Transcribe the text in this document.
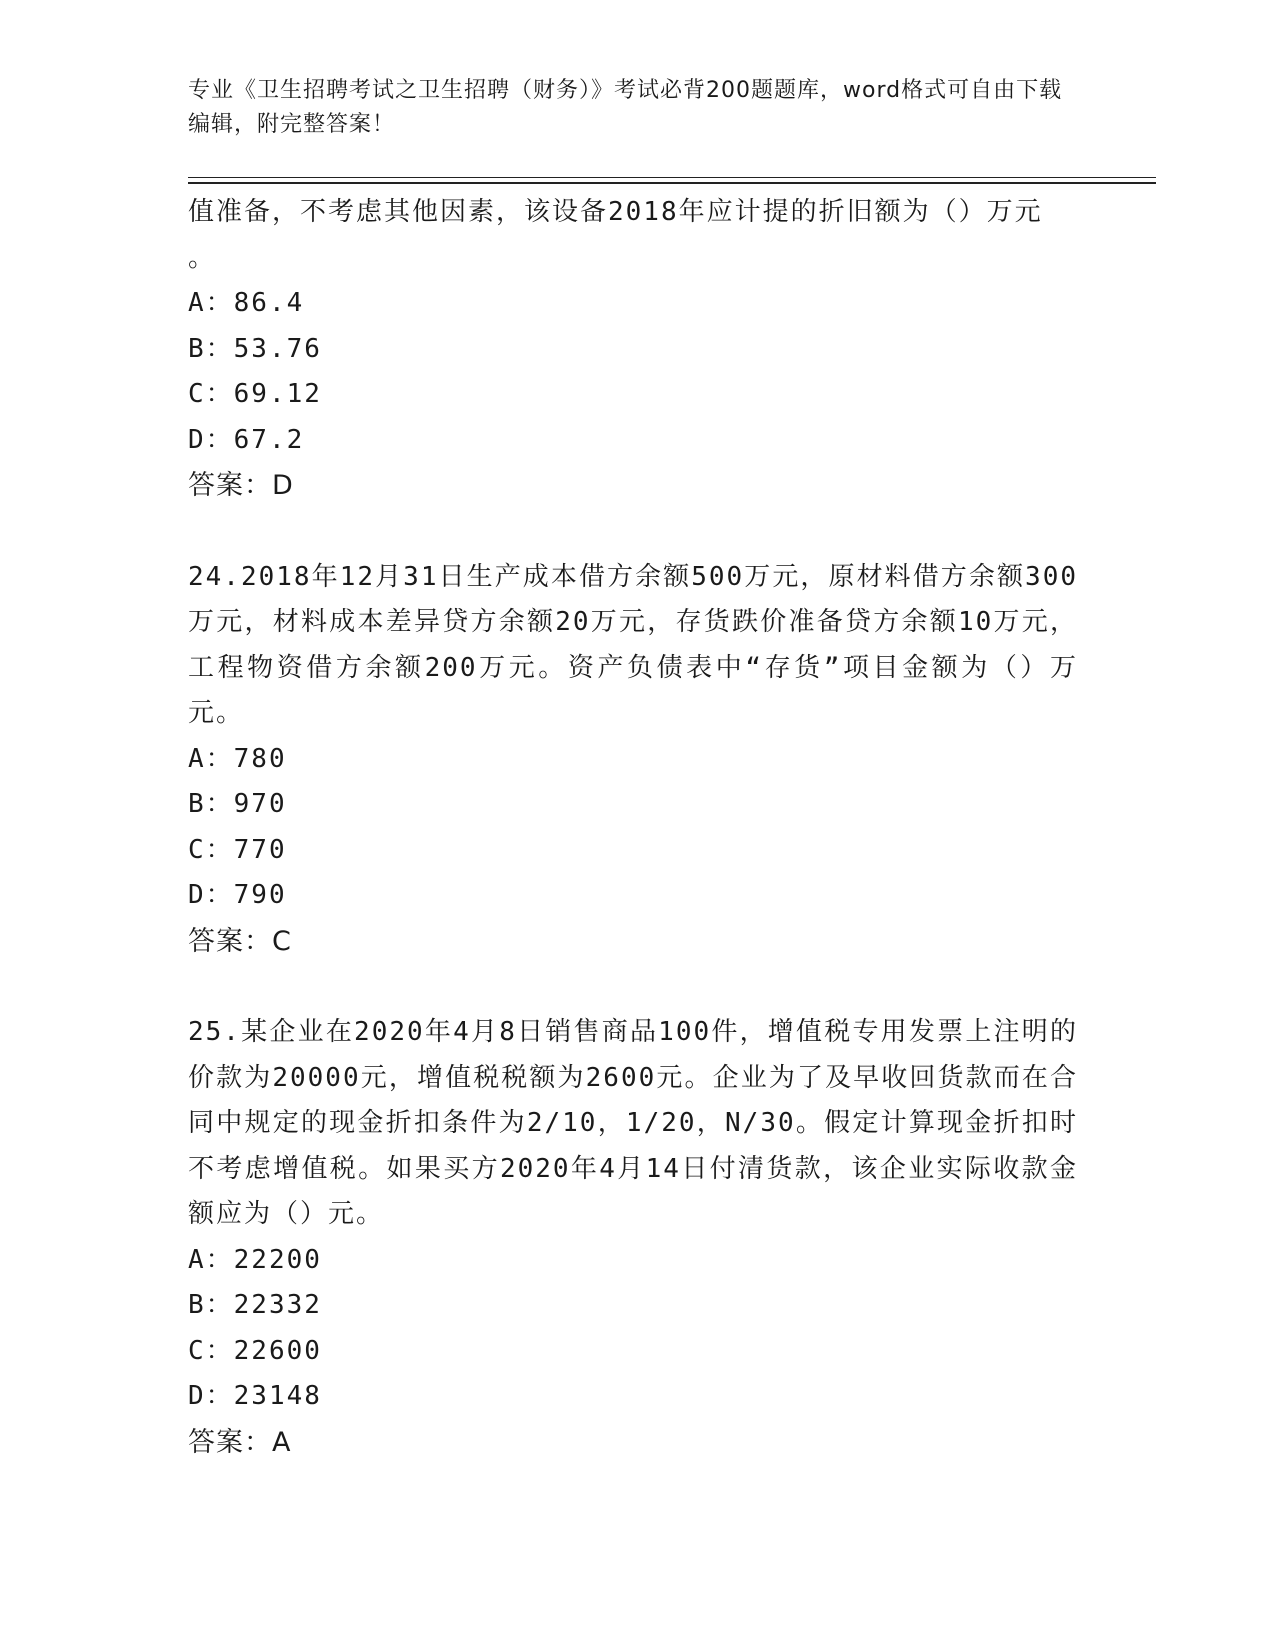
专业《卫生招聘考试之卫生招聘（财务）》考试必背200题题库，word格式可自由下载编辑，附完整答案！
值准备，不考虑其他因素，该设备2018年应计提的折旧额为（）万元
。
A：86.4
B：53.76
C：69.12
D：67.2
答案：D
24.2018年12月31日生产成本借方余额500万元，原材料借方余额300万元，材料成本差异贷方余额20万元，存货跌价准备贷方余额10万元，工程物资借方余额200万元。资产负债表中“存货”项目金额为（）万元。
A：780
B：970
C：770
D：790
答案：C
25.某企业在2020年4月8日销售商品100件，增值税专用发票上注明的价款为20000元，增值税税额为2600元。企业为了及早收回货款而在合同中规定的现金折扣条件为2/10，1/20，N/30。假定计算现金折扣时不考虑增值税。如果买方2020年4月14日付清货款，该企业实际收款金额应为（）元。
A：22200
B：22332
C：22600
D：23148
答案：A
